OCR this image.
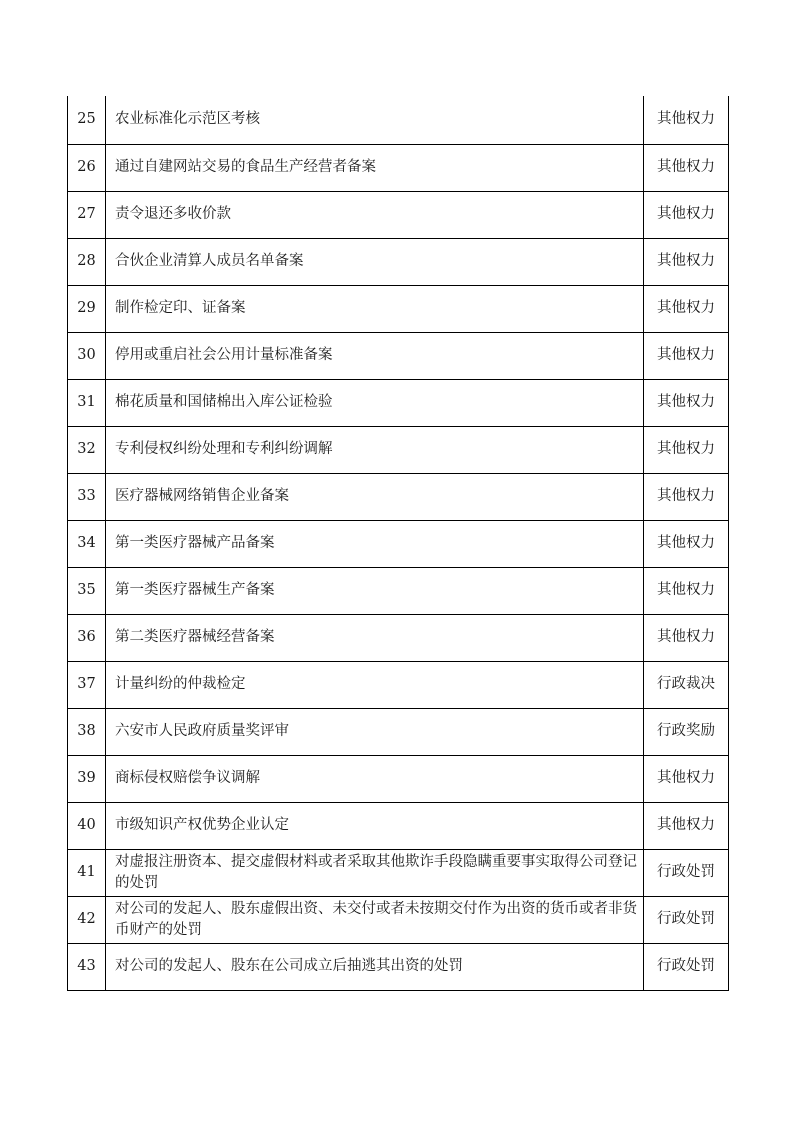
25	农业标准化示范区考核	其他权力
26	通过自建网站交易的食品生产经营者备案	其他权力
27	责令退还多收价款	其他权力
28	合伙企业清算人成员名单备案	其他权力
29	制作检定印、证备案	其他权力
30	停用或重启社会公用计量标准备案	其他权力
31	棉花质量和国储棉出入库公证检验	其他权力
32	专利侵权纠纷处理和专利纠纷调解	其他权力
33	医疗器械网络销售企业备案	其他权力
34	第一类医疗器械产品备案	其他权力
35	第一类医疗器械生产备案	其他权力
36	第二类医疗器械经营备案	其他权力
37	计量纠纷的仲裁检定	行政裁决
38	六安市人民政府质量奖评审	行政奖励
39	商标侵权赔偿争议调解	其他权力
40	市级知识产权优势企业认定	其他权力
41	对虚报注册资本、提交虚假材料或者采取其他欺诈手段隐瞒重要事实取得公司登记的处罚	行政处罚
42	对公司的发起人、股东虚假出资、未交付或者未按期交付作为出资的货币或者非货币财产的处罚	行政处罚
43	对公司的发起人、股东在公司成立后抽逃其出资的处罚	行政处罚
